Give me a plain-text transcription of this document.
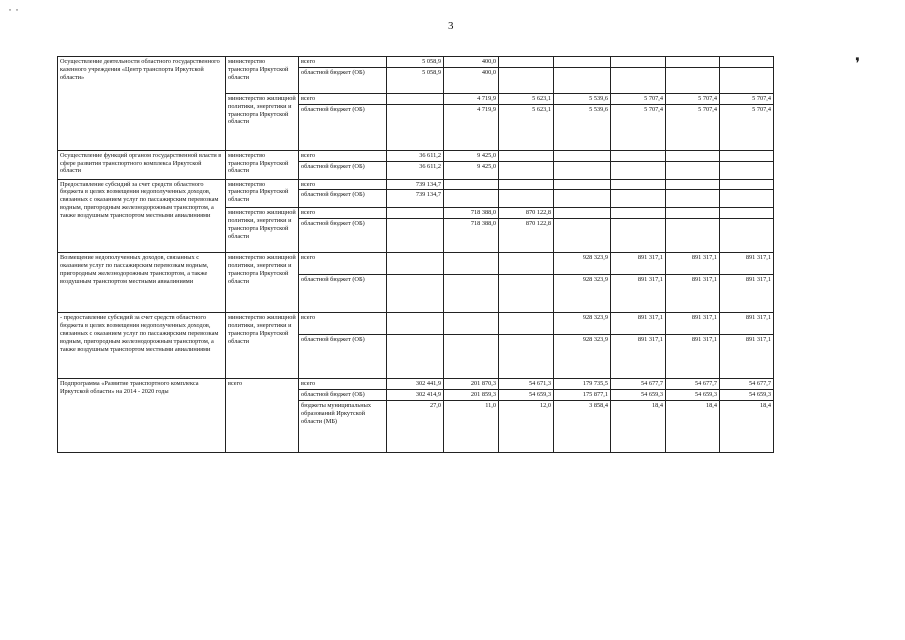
3
˙ ˙
❜
Осуществление деятельности областного государственного казенного учреждения «Центр транспорта Иркутской области»	министерство транспорта Иркутской области	всего	5 058,9	400,0					
		областной бюджет (ОБ)	5 058,9	400,0					
	министерство жилищной политики, энергетики и транспорта Иркутской области	всего		4 719,9	5 623,1	5 539,6	5 707,4	5 707,4	5 707,4
		областной бюджет (ОБ)		4 719,9	5 623,1	5 539,6	5 707,4	5 707,4	5 707,4
Осуществление функций органом государственной власти в сфере развития транспортного комплекса Иркутской области	министерство транспорта Иркутской области	всего	36 611,2	9 425,0					
		областной бюджет (ОБ)	36 611,2	9 425,0					
Предоставление субсидий за счет средств областного бюджета в целях возмещения недополученных доходов, связанных с оказанием услуг по пассажирским перевозкам водным, пригородным железнодорожным транспортом, а также воздушным транспортом местными авиалиниями	министерство транспорта Иркутской области	всего	739 134,7						
		областной бюджет (ОБ)	739 134,7						
	министерство жилищной политики, энергетики и транспорта Иркутской области	всего		718 388,0	870 122,8				
		областной бюджет (ОБ)		718 388,0	870 122,8				
Возмещение недополученных доходов, связанных с оказанием услуг по пассажирским перевозкам водным, пригородным железнодорожным транспортом, а также воздушным транспортом местными авиалиниями	министерство жилищной политики, энергетики и транспорта Иркутской области	всего				928 323,9	891 317,1	891 317,1	891 317,1
		областной бюджет (ОБ)				928 323,9	891 317,1	891 317,1	891 317,1
- предоставление субсидий за счет средств областного бюджета в целях возмещения недополученных доходов, связанных с оказанием услуг по пассажирским перевозкам водным, пригородным железнодорожным транспортом, а также воздушным транспортом местными авиалиниями	министерство жилищной политики, энергетики и транспорта Иркутской области	всего				928 323,9	891 317,1	891 317,1	891 317,1
		областной бюджет (ОБ)				928 323,9	891 317,1	891 317,1	891 317,1
Подпрограмма «Развитие транспортного комплекса Иркутской области» на 2014 - 2020 годы	всего	всего	302 441,9	201 870,3	54 671,3	179 735,5	54 677,7	54 677,7	54 677,7
		областной бюджет (ОБ)	302 414,9	201 859,3	54 659,3	175 877,1	54 659,3	54 659,3	54 659,3
		бюджеты муниципальных образований Иркутской области (МБ)	27,0	11,0	12,0	3 858,4	18,4	18,4	18,4
